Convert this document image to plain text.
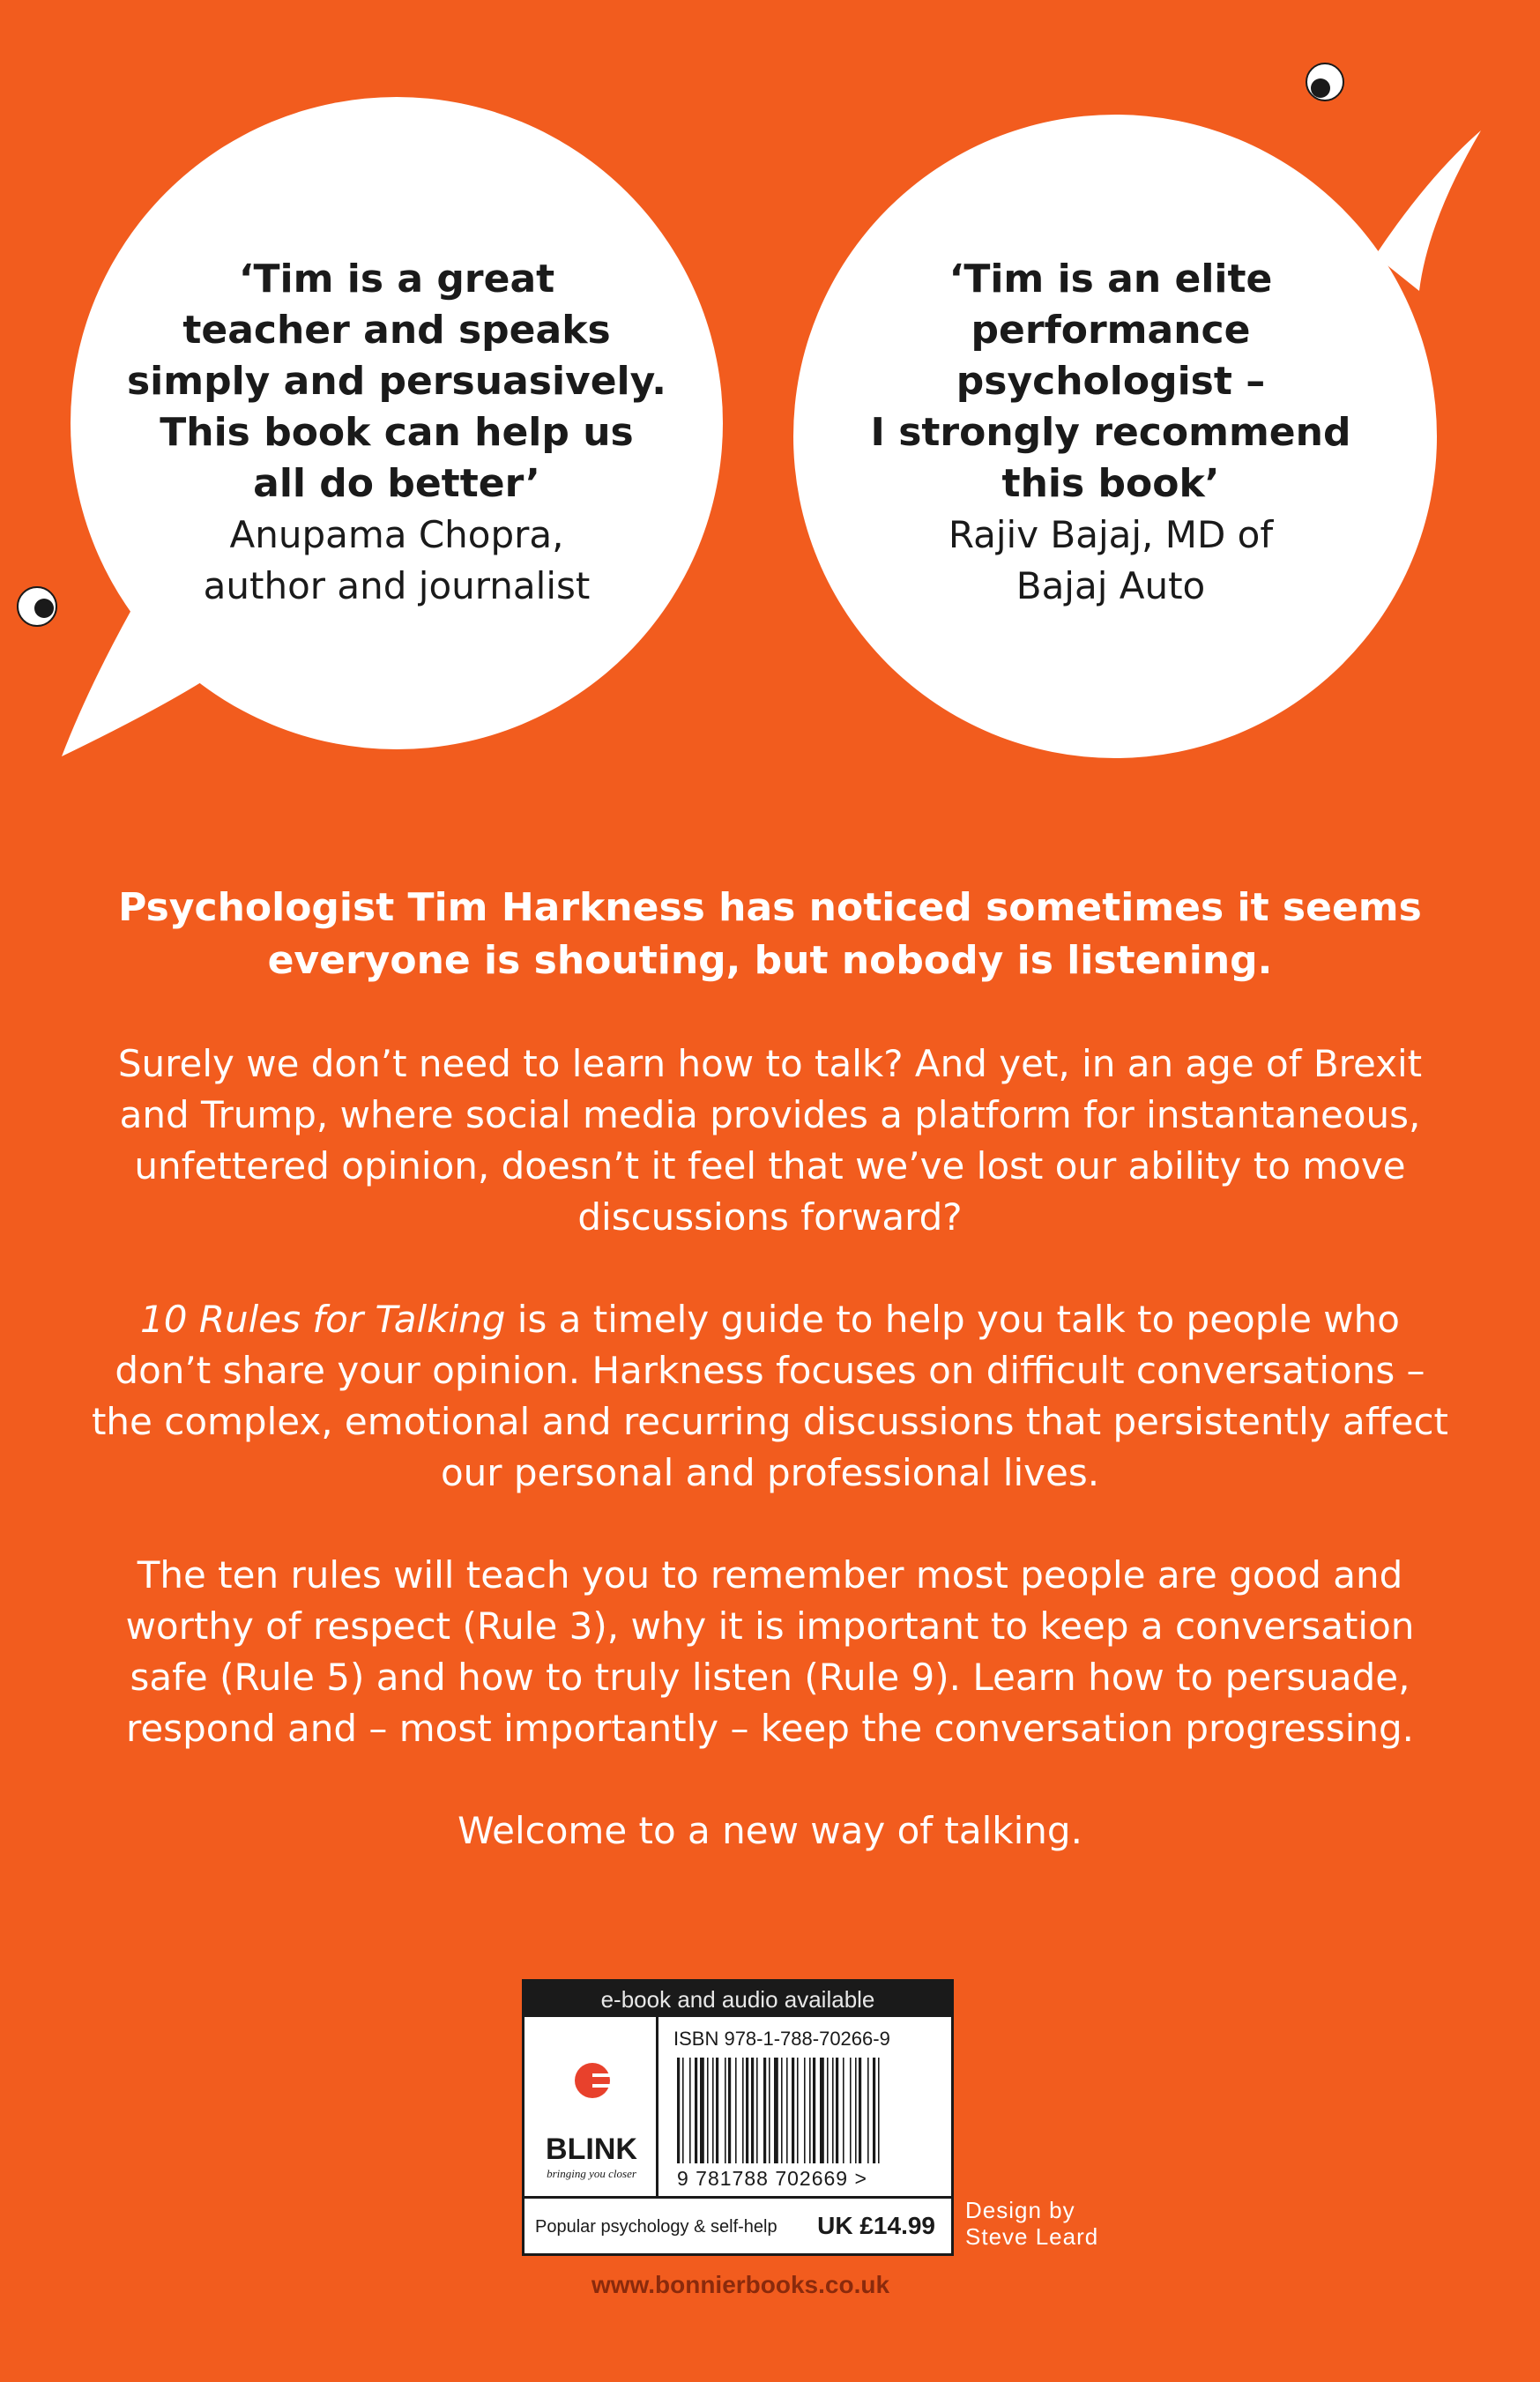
‘Tim is a great
teacher and speaks
simply and persuasively.
This book can help us
all do better’

Anupama Chopra,
author and journalist

‘Tim is an elite
performance
psychologist –
I strongly recommend
this book’

Rajiv Bajaj, MD of
Bajaj Auto

Psychologist Tim Harkness has noticed sometimes it seems
everyone is shouting, but nobody is listening.

Surely we don’t need to learn how to talk? And yet, in an age of Brexit
and Trump, where social media provides a platform for instantaneous,
unfettered opinion, doesn’t it feel that we’ve lost our ability to move
discussions forward?

10 Rules for Talking is a timely guide to help you talk to people who
don’t share your opinion. Harkness focuses on difficult conversations –
the complex, emotional and recurring discussions that persistently affect
our personal and professional lives.

The ten rules will teach you to remember most people are good and
worthy of respect (Rule 3), why it is important to keep a conversation
safe (Rule 5) and how to truly listen (Rule 9). Learn how to persuade,
respond and – most importantly – keep the conversation progressing.

Welcome to a new way of talking.

e-book and audio available
BLINK
bringing you closer
ISBN 978-1-788-70266-9
9 781788 702669 >
Popular psychology & self-help UK £14.99
Design by
Steve Leard
www.bonnierbooks.co.uk
